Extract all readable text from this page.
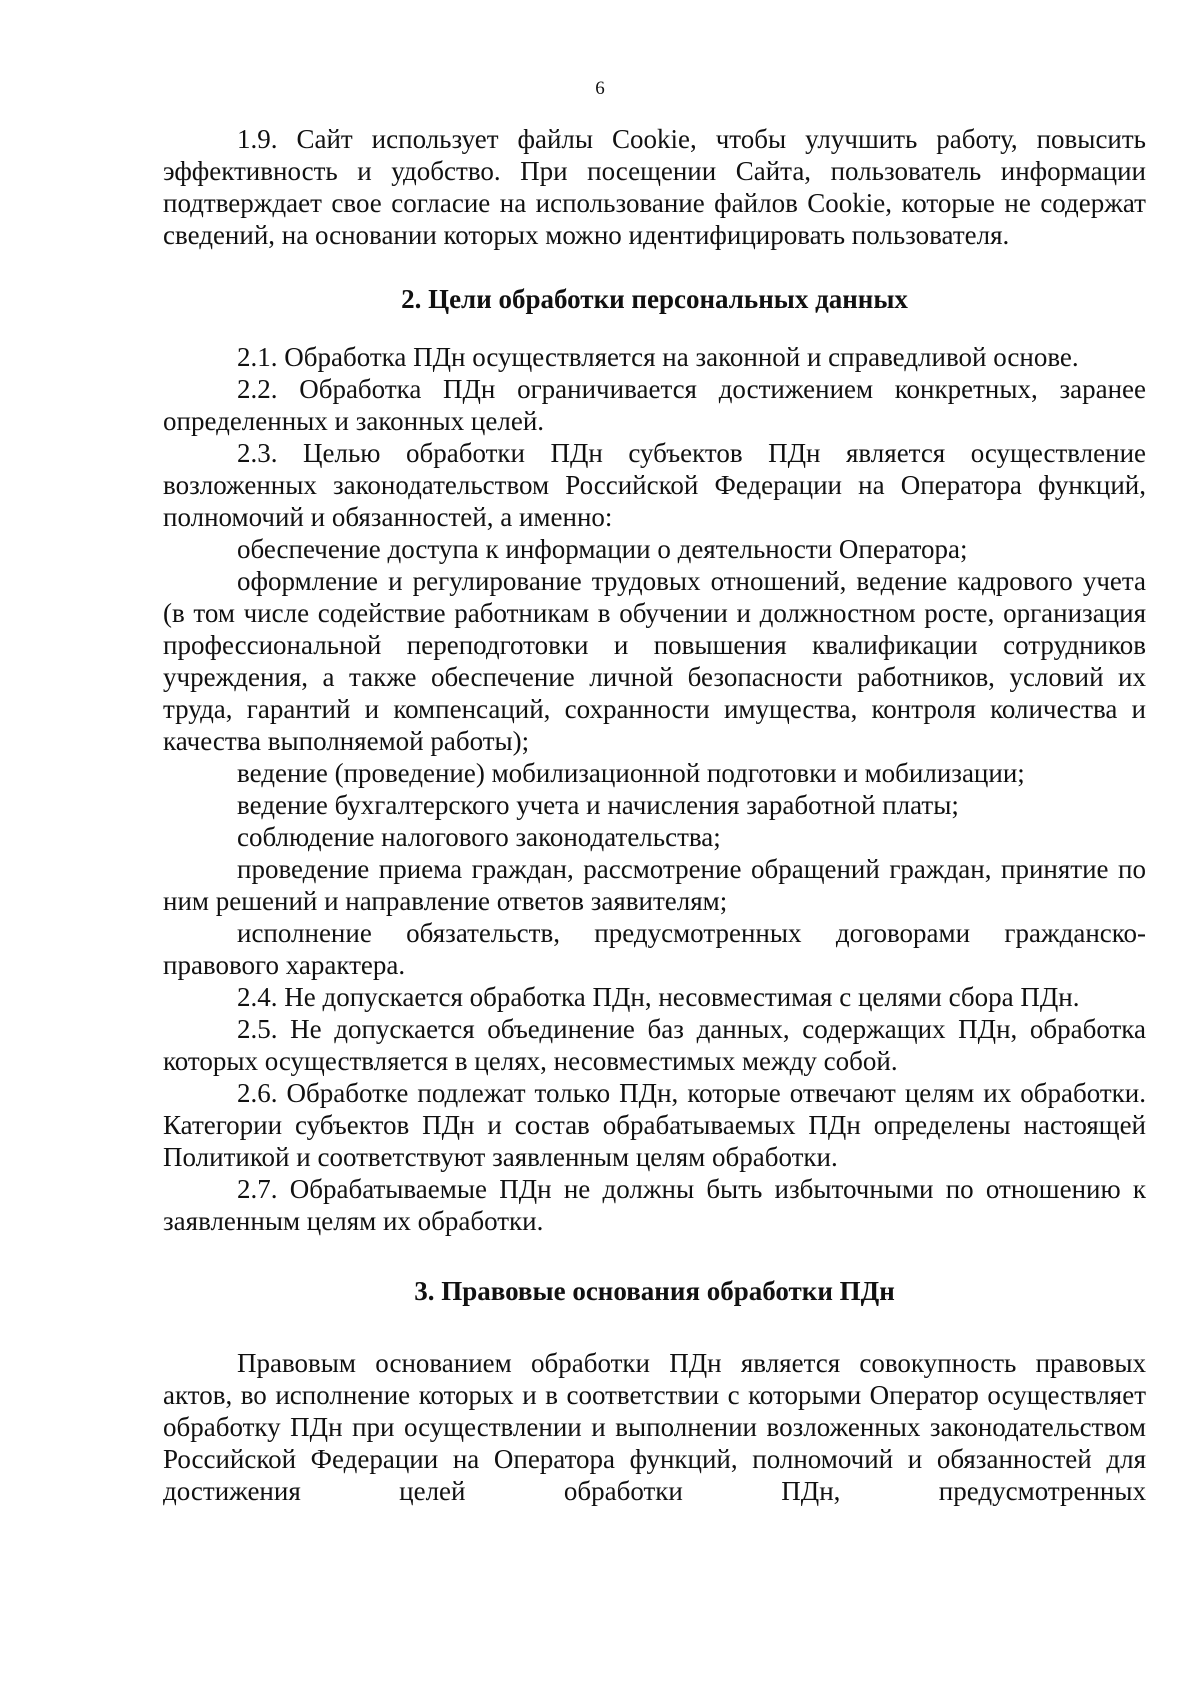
6

1.9. Сайт использует файлы Cookie, чтобы улучшить работу, повысить эффективность и удобство. При посещении Сайта, пользователь информации подтверждает свое согласие на использование файлов Cookie, которые не содержат сведений, на основании которых можно идентифицировать пользователя.

2. Цели обработки персональных данных

2.1. Обработка ПДн осуществляется на законной и справедливой основе.

2.2. Обработка ПДн ограничивается достижением конкретных, заранее определенных и законных целей.

2.3. Целью обработки ПДн субъектов ПДн является осуществление возложенных законодательством Российской Федерации на Оператора функций, полномочий и обязанностей, а именно:

обеспечение доступа к информации о деятельности Оператора;

оформление и регулирование трудовых отношений, ведение кадрового учета (в том числе содействие работникам в обучении и должностном росте, организация профессиональной переподготовки и повышения квалификации сотрудников учреждения, а также обеспечение личной безопасности работников, условий их труда, гарантий и компенсаций, сохранности имущества, контроля количества и качества выполняемой работы);

ведение (проведение) мобилизационной подготовки и мобилизации;

ведение бухгалтерского учета и начисления заработной платы;

соблюдение налогового законодательства;

проведение приема граждан, рассмотрение обращений граждан, принятие по ним решений и направление ответов заявителям;

исполнение обязательств, предусмотренных договорами гражданско-правового характера.

2.4. Не допускается обработка ПДн, несовместимая с целями сбора ПДн.

2.5. Не допускается объединение баз данных, содержащих ПДн, обработка которых осуществляется в целях, несовместимых между собой.

2.6. Обработке подлежат только ПДн, которые отвечают целям их обработки. Категории субъектов ПДн и состав обрабатываемых ПДн определены настоящей Политикой и соответствуют заявленным целям обработки.

2.7. Обрабатываемые ПДн не должны быть избыточными по отношению к заявленным целям их обработки.

3. Правовые основания обработки ПДн

Правовым основанием обработки ПДн является совокупность правовых актов, во исполнение которых и в соответствии с которыми Оператор осуществляет обработку ПДн при осуществлении и выполнении возложенных законодательством Российской Федерации на Оператора функций, полномочий и обязанностей для достижения целей обработки ПДн, предусмотренных
